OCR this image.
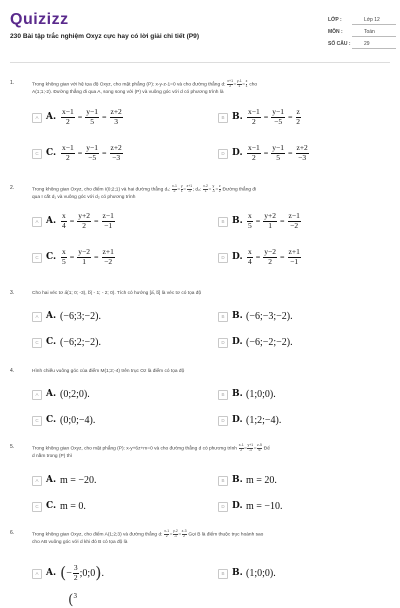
Quizizz
230 Bài tập trắc nghiệm Oxyz cực hay có lời giải chi tiết (P9)
LỚP :	Lớp 12
MÔN :	Toán
SỐ CÂU :	29
1.	Trong không gian với hệ tọa độ Oxyz, cho mặt phẳng (P): x-y-z-1=0 và cho đường thẳng d: $\frac{x+1}{2} = \frac{y-1}{1} = \frac{z}{1}$ cho
A(1;1;-2). Đường thẳng đi qua A, song song với (P) và vuông góc với d có phương trình là
A A. $\frac{x-1}{2} = \frac{y-1}{5} = \frac{z+2}{3}$	B B. $\frac{x-1}{2} = \frac{y-1}{-5} = \frac{z}{2}$
C C. $\frac{x-1}{2} = \frac{y-1}{-5} = \frac{z+2}{-3}$	D D. $\frac{x-1}{2} = \frac{y-1}{5} = \frac{z+2}{-3}$
2.	Trong không gian Oxyz, cho điểm I(0;2;1) và hai đường thẳng d₁: $\frac{x-1}{2} = \frac{y}{1} = \frac{z+1}{-1}$ ; d₂: $\frac{x-2}{1} = \frac{y}{-1} = \frac{z}{2}$ Đường thẳng đi
qua I cắt d₁ và vuông góc với d₂ có phương trình
A A. $\frac{x}{4} = \frac{y+2}{2} = \frac{z-1}{-1}$	B B. $\frac{x}{5} = \frac{y+2}{1} = \frac{z-1}{-2}$
C C. $\frac{x}{5} = \frac{y-2}{1} = \frac{z+1}{-2}$	D D. $\frac{x}{4} = \frac{y-2}{2} = \frac{z+1}{-1}$
3.	Cho hai véc tơ → a(1; 0; -3), → b( - 1; - 2; 0). Tích có hướng [→ a, → b] là véc tơ có tọa độ
A A. (−6;3;−2).	B B. (−6;−3;−2).
C C. (−6;2;−2).	D D. (−6;−2;−2).
4.	Hình chiếu vuông góc của điểm M(1;2;-4) trên trục Oz là điểm có tọa độ
A A. (0;2;0).	B B. (1;0;0).
C C. (0;0;−4).	D D. (1;2;−4).
5.	Trong không gian Oxyz, cho mặt phẳng (P): x-y+6z+m=0 và cho đường thẳng d có phương trình $\frac{x-1}{2} = \frac{y+1}{-1} = \frac{z-5}{6}$ Để
d nằm trong (P) thì
A A. m = −20.	B B. m = 20.
C C. m = 0.	D D. m = −10.
6.	Trong không gian Oxyz, cho điểm A(1;2;3) và đường thẳng d: $\frac{x-1}{2} = \frac{y-2}{-1} = \frac{z-3}{2}$ Gọi B là điểm thuộc trục hoành sao
cho AB vuông góc với d khi đó B có tọa độ là
A A. ( − $\frac{3}{2}$ ;0;0 ) .	B B. (1;0;0).
($^3$
